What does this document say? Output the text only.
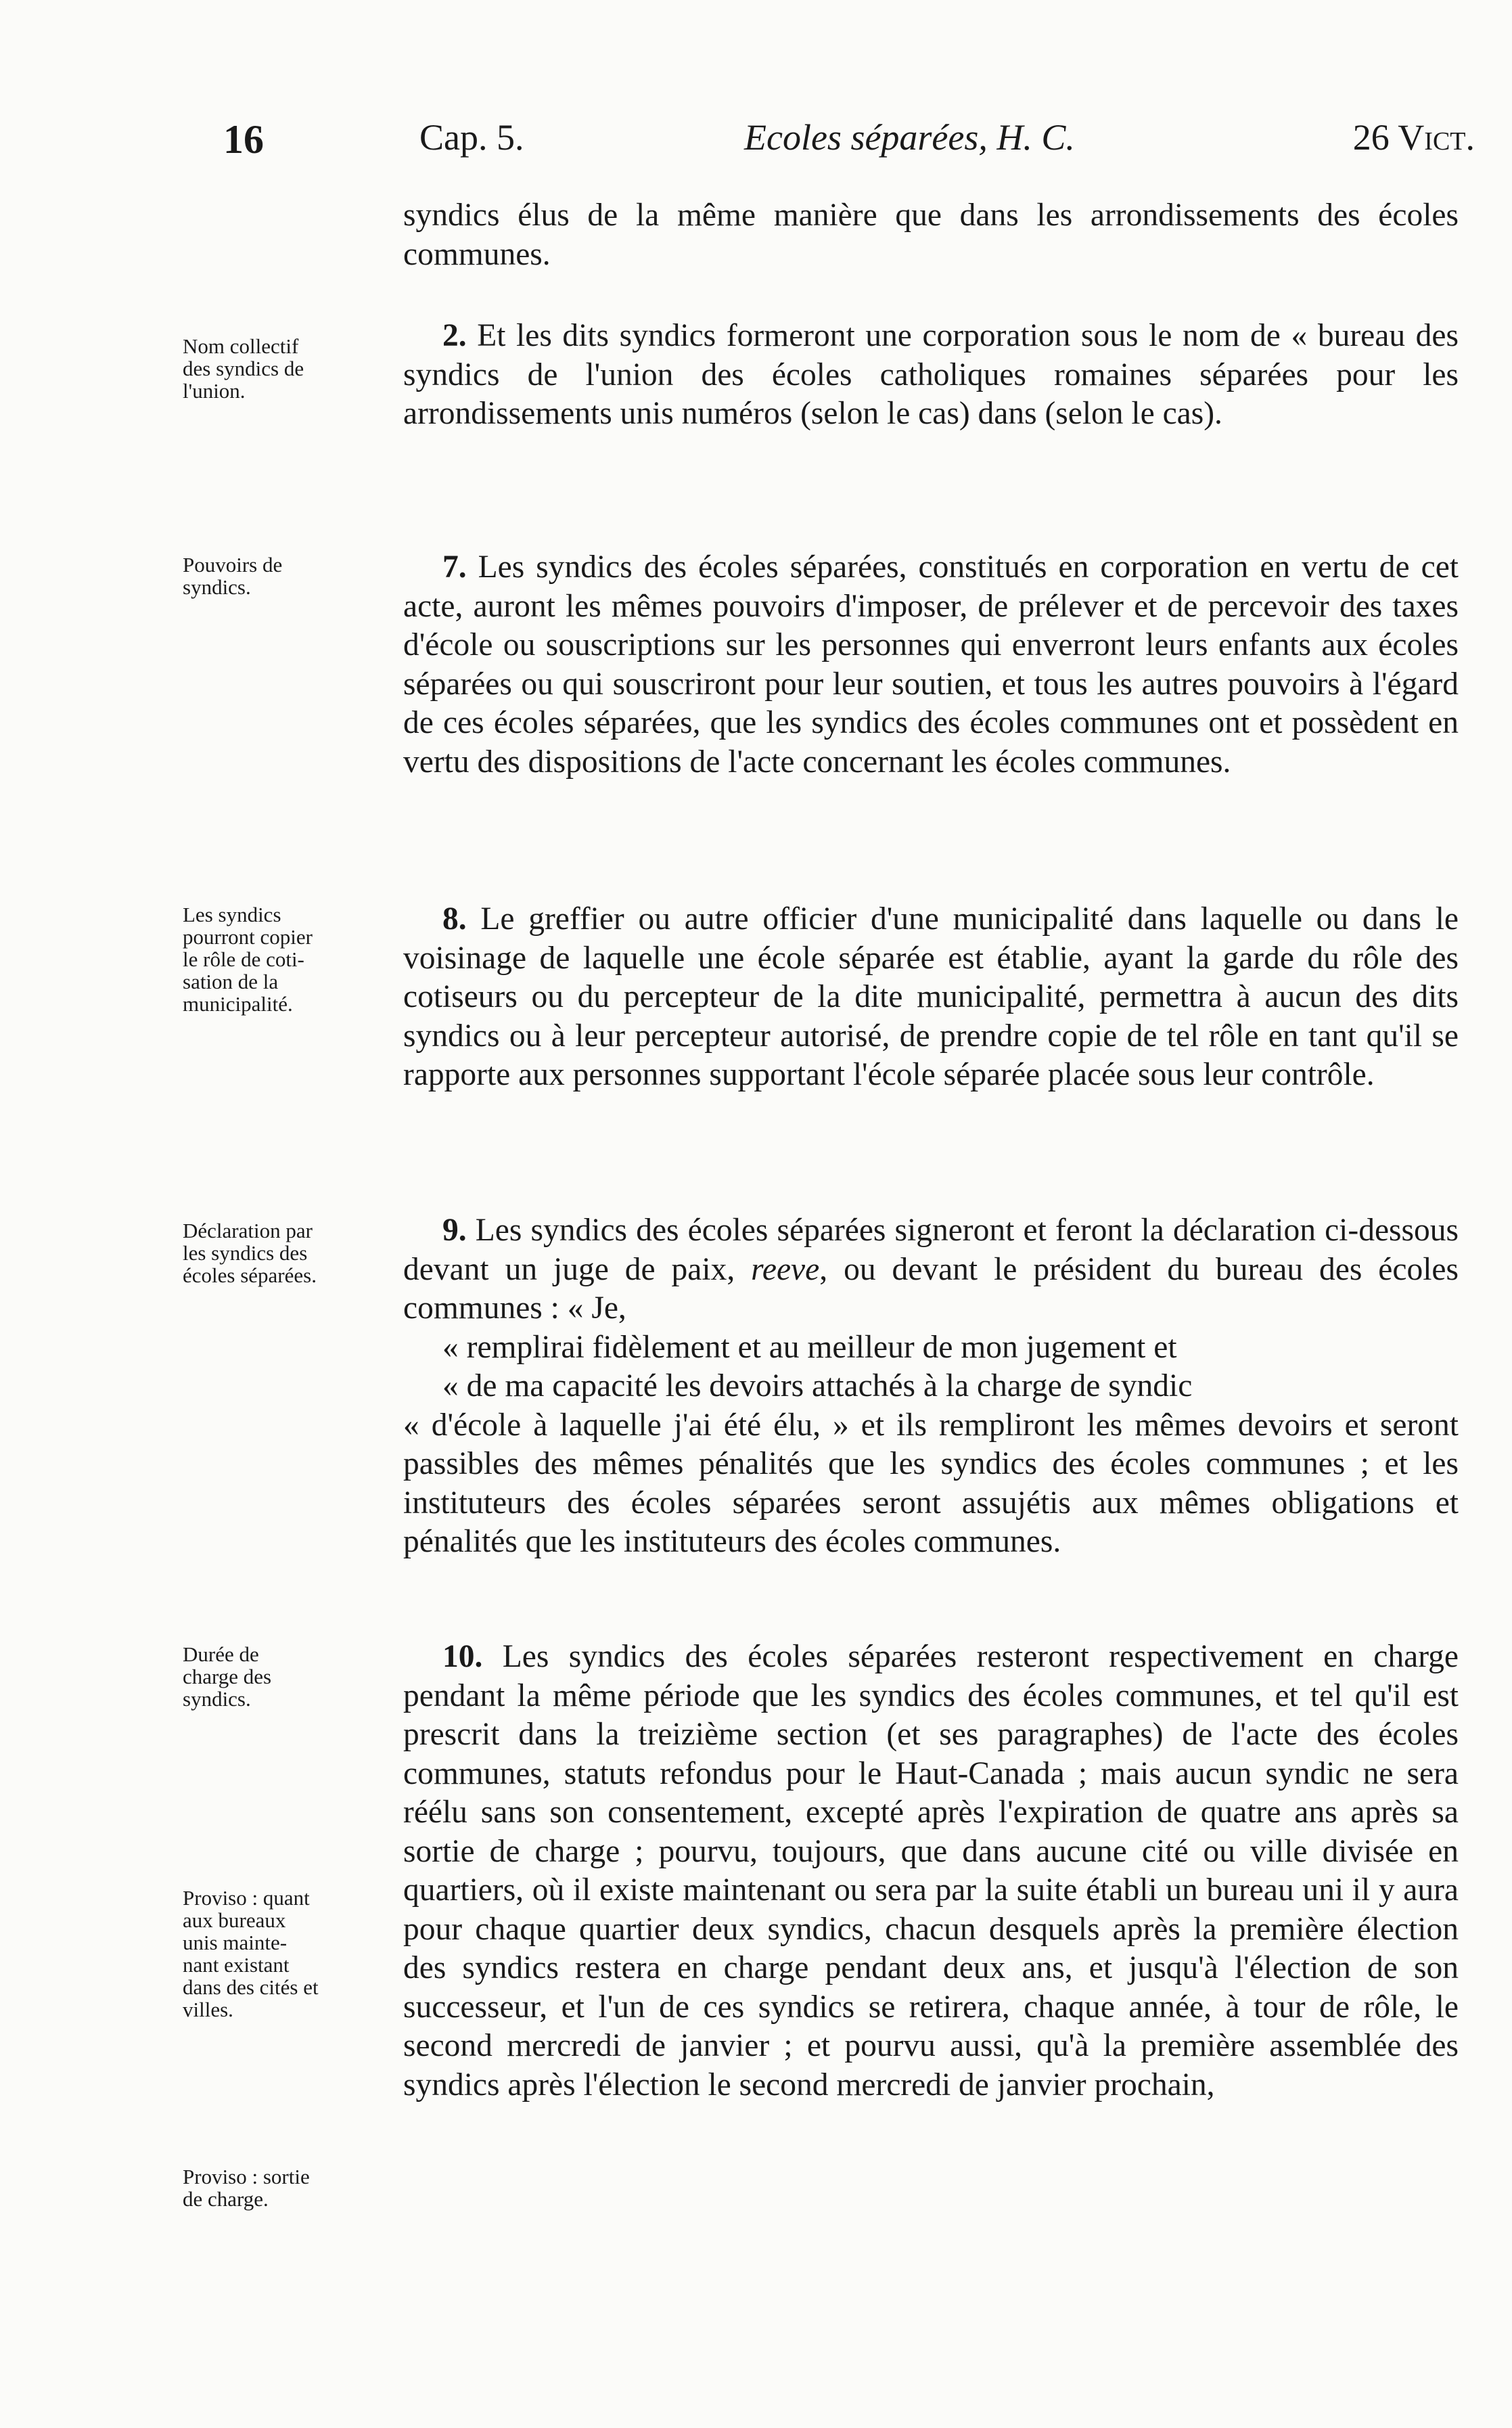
16	Cap. 5.	Ecoles séparées, H. C.	26 Vict.
Nom collectif
des syndics de
l'union.
Pouvoirs de
syndics.
Les syndics
pourront copier
le rôle de coti-
sation de la
municipalité.
Déclaration par
les syndics des
écoles séparées.
Durée de
charge des
syndics.
Proviso : quant
aux bureaux
unis mainte-
nant existant
dans des cités et
villes.
Proviso : sortie
de charge.

syndics élus de la même manière que dans les arrondissements des écoles communes.

2. Et les dits syndics formeront une corporation sous le nom de « bureau des syndics de l'union des écoles catholiques romaines séparées pour les arrondissements unis numéros (selon le cas) dans (selon le cas).

7. Les syndics des écoles séparées, constitués en corporation en vertu de cet acte, auront les mêmes pouvoirs d'imposer, de prélever et de percevoir des taxes d'école ou souscriptions sur les personnes qui enverront leurs enfants aux écoles séparées ou qui souscriront pour leur soutien, et tous les autres pouvoirs à l'égard de ces écoles séparées, que les syndics des écoles communes ont et possèdent en vertu des dispositions de l'acte concernant les écoles communes.

8. Le greffier ou autre officier d'une municipalité dans laquelle ou dans le voisinage de laquelle une école séparée est établie, ayant la garde du rôle des cotiseurs ou du percepteur de la dite municipalité, permettra à aucun des dits syndics ou à leur percepteur autorisé, de prendre copie de tel rôle en tant qu'il se rapporte aux personnes supportant l'école séparée placée sous leur contrôle.

9. Les syndics des écoles séparées signeront et feront la déclaration ci-dessous devant un juge de paix, reeve, ou devant le président du bureau des écoles communes : « Je,

« remplirai fidèlement et au meilleur de mon jugement et

« de ma capacité les devoirs attachés à la charge de syndic

« d'école à laquelle j'ai été élu, » et ils rempliront les mêmes devoirs et seront passibles des mêmes pénalités que les syndics des écoles communes ; et les instituteurs des écoles séparées seront assujétis aux mêmes obligations et pénalités que les instituteurs des écoles communes.

10. Les syndics des écoles séparées resteront respectivement en charge pendant la même période que les syndics des écoles communes, et tel qu'il est prescrit dans la treizième section (et ses paragraphes) de l'acte des écoles communes, statuts refondus pour le Haut-Canada ; mais aucun syndic ne sera réélu sans son consentement, excepté après l'expiration de quatre ans après sa sortie de charge ; pourvu, toujours, que dans aucune cité ou ville divisée en quartiers, où il existe maintenant ou sera par la suite établi un bureau uni il y aura pour chaque quartier deux syndics, chacun desquels après la première élection des syndics restera en charge pendant deux ans, et jusqu'à l'élection de son successeur, et l'un de ces syndics se retirera, chaque année, à tour de rôle, le second mercredi de janvier ; et pourvu aussi, qu'à la première assemblée des syndics après l'élection le second mercredi de janvier prochain,
